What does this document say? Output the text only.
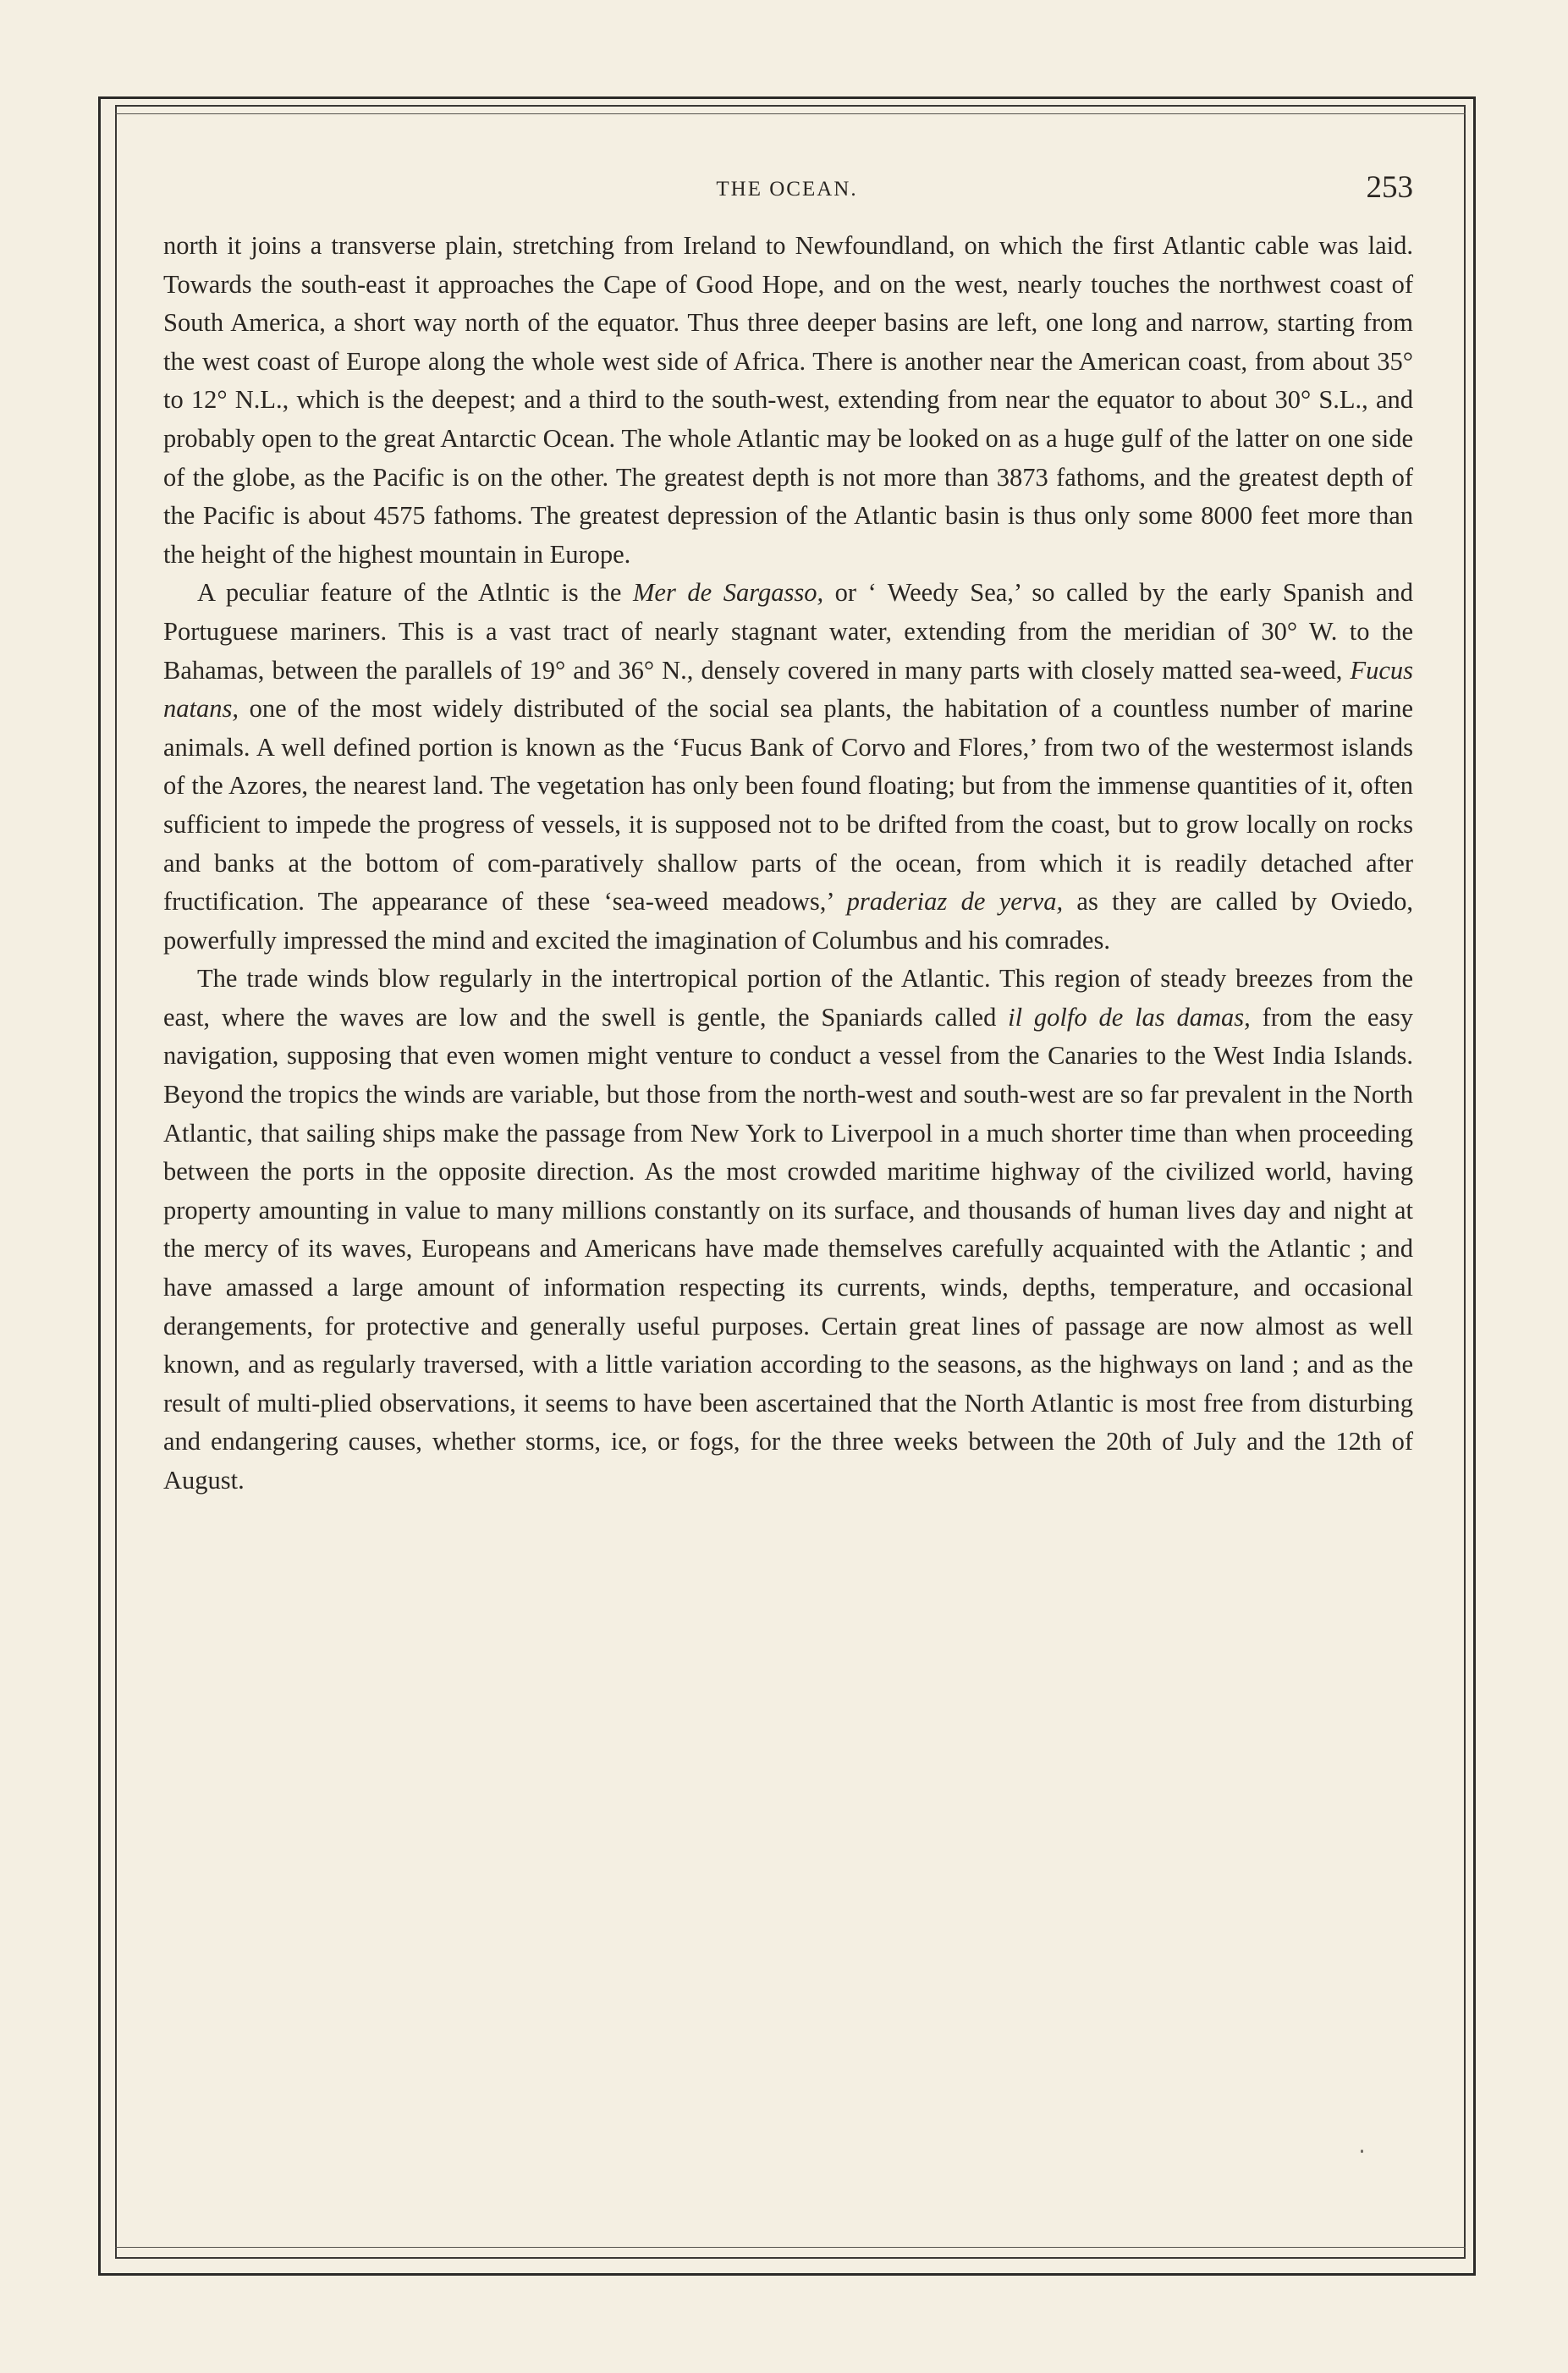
THE OCEAN.	253

north it joins a transverse plain, stretching from Ireland to Newfoundland, on which the first Atlantic cable was laid. Towards the south-east it approaches the Cape of Good Hope, and on the west, nearly touches the northwest coast of South America, a short way north of the equator. Thus three deeper basins are left, one long and narrow, starting from the west coast of Europe along the whole west side of Africa. There is another near the American coast, from about 35° to 12° N.L., which is the deepest; and a third to the south-west, extending from near the equator to about 30° S.L., and probably open to the great Antarctic Ocean. The whole Atlantic may be looked on as a huge gulf of the latter on one side of the globe, as the Pacific is on the other. The greatest depth is not more than 3873 fathoms, and the greatest depth of the Pacific is about 4575 fathoms. The greatest depression of the Atlantic basin is thus only some 8000 feet more than the height of the highest mountain in Europe.

A peculiar feature of the Atlntic is the Mer de Sargasso, or ‘ Weedy Sea,’ so called by the early Spanish and Portuguese mariners. This is a vast tract of nearly stagnant water, extending from the meridian of 30° W. to the Bahamas, between the parallels of 19° and 36° N., densely covered in many parts with closely matted sea-weed, Fucus natans, one of the most widely distributed of the social sea plants, the habitation of a countless number of marine animals. A well defined portion is known as the ‘Fucus Bank of Corvo and Flores,’ from two of the westermost islands of the Azores, the nearest land. The vegetation has only been found floating; but from the immense quantities of it, often sufficient to impede the progress of vessels, it is supposed not to be drifted from the coast, but to grow locally on rocks and banks at the bottom of com-paratively shallow parts of the ocean, from which it is readily detached after fructification. The appearance of these ‘sea-weed meadows,’ praderiaz de yerva, as they are called by Oviedo, powerfully impressed the mind and excited the imagination of Columbus and his comrades.

The trade winds blow regularly in the intertropical portion of the Atlantic. This region of steady breezes from the east, where the waves are low and the swell is gentle, the Spaniards called il golfo de las damas, from the easy navigation, supposing that even women might venture to conduct a vessel from the Canaries to the West India Islands. Beyond the tropics the winds are variable, but those from the north-west and south-west are so far prevalent in the North Atlantic, that sailing ships make the passage from New York to Liverpool in a much shorter time than when proceeding between the ports in the opposite direction. As the most crowded maritime highway of the civilized world, having property amounting in value to many millions constantly on its surface, and thousands of human lives day and night at the mercy of its waves, Europeans and Americans have made themselves carefully acquainted with the Atlantic ; and have amassed a large amount of information respecting its currents, winds, depths, temperature, and occasional derangements, for protective and generally useful purposes. Certain great lines of passage are now almost as well known, and as regularly traversed, with a little variation according to the seasons, as the highways on land ; and as the result of multi-plied observations, it seems to have been ascertained that the North Atlantic is most free from disturbing and endangering causes, whether storms, ice, or fogs, for the three weeks between the 20th of July and the 12th of August.
